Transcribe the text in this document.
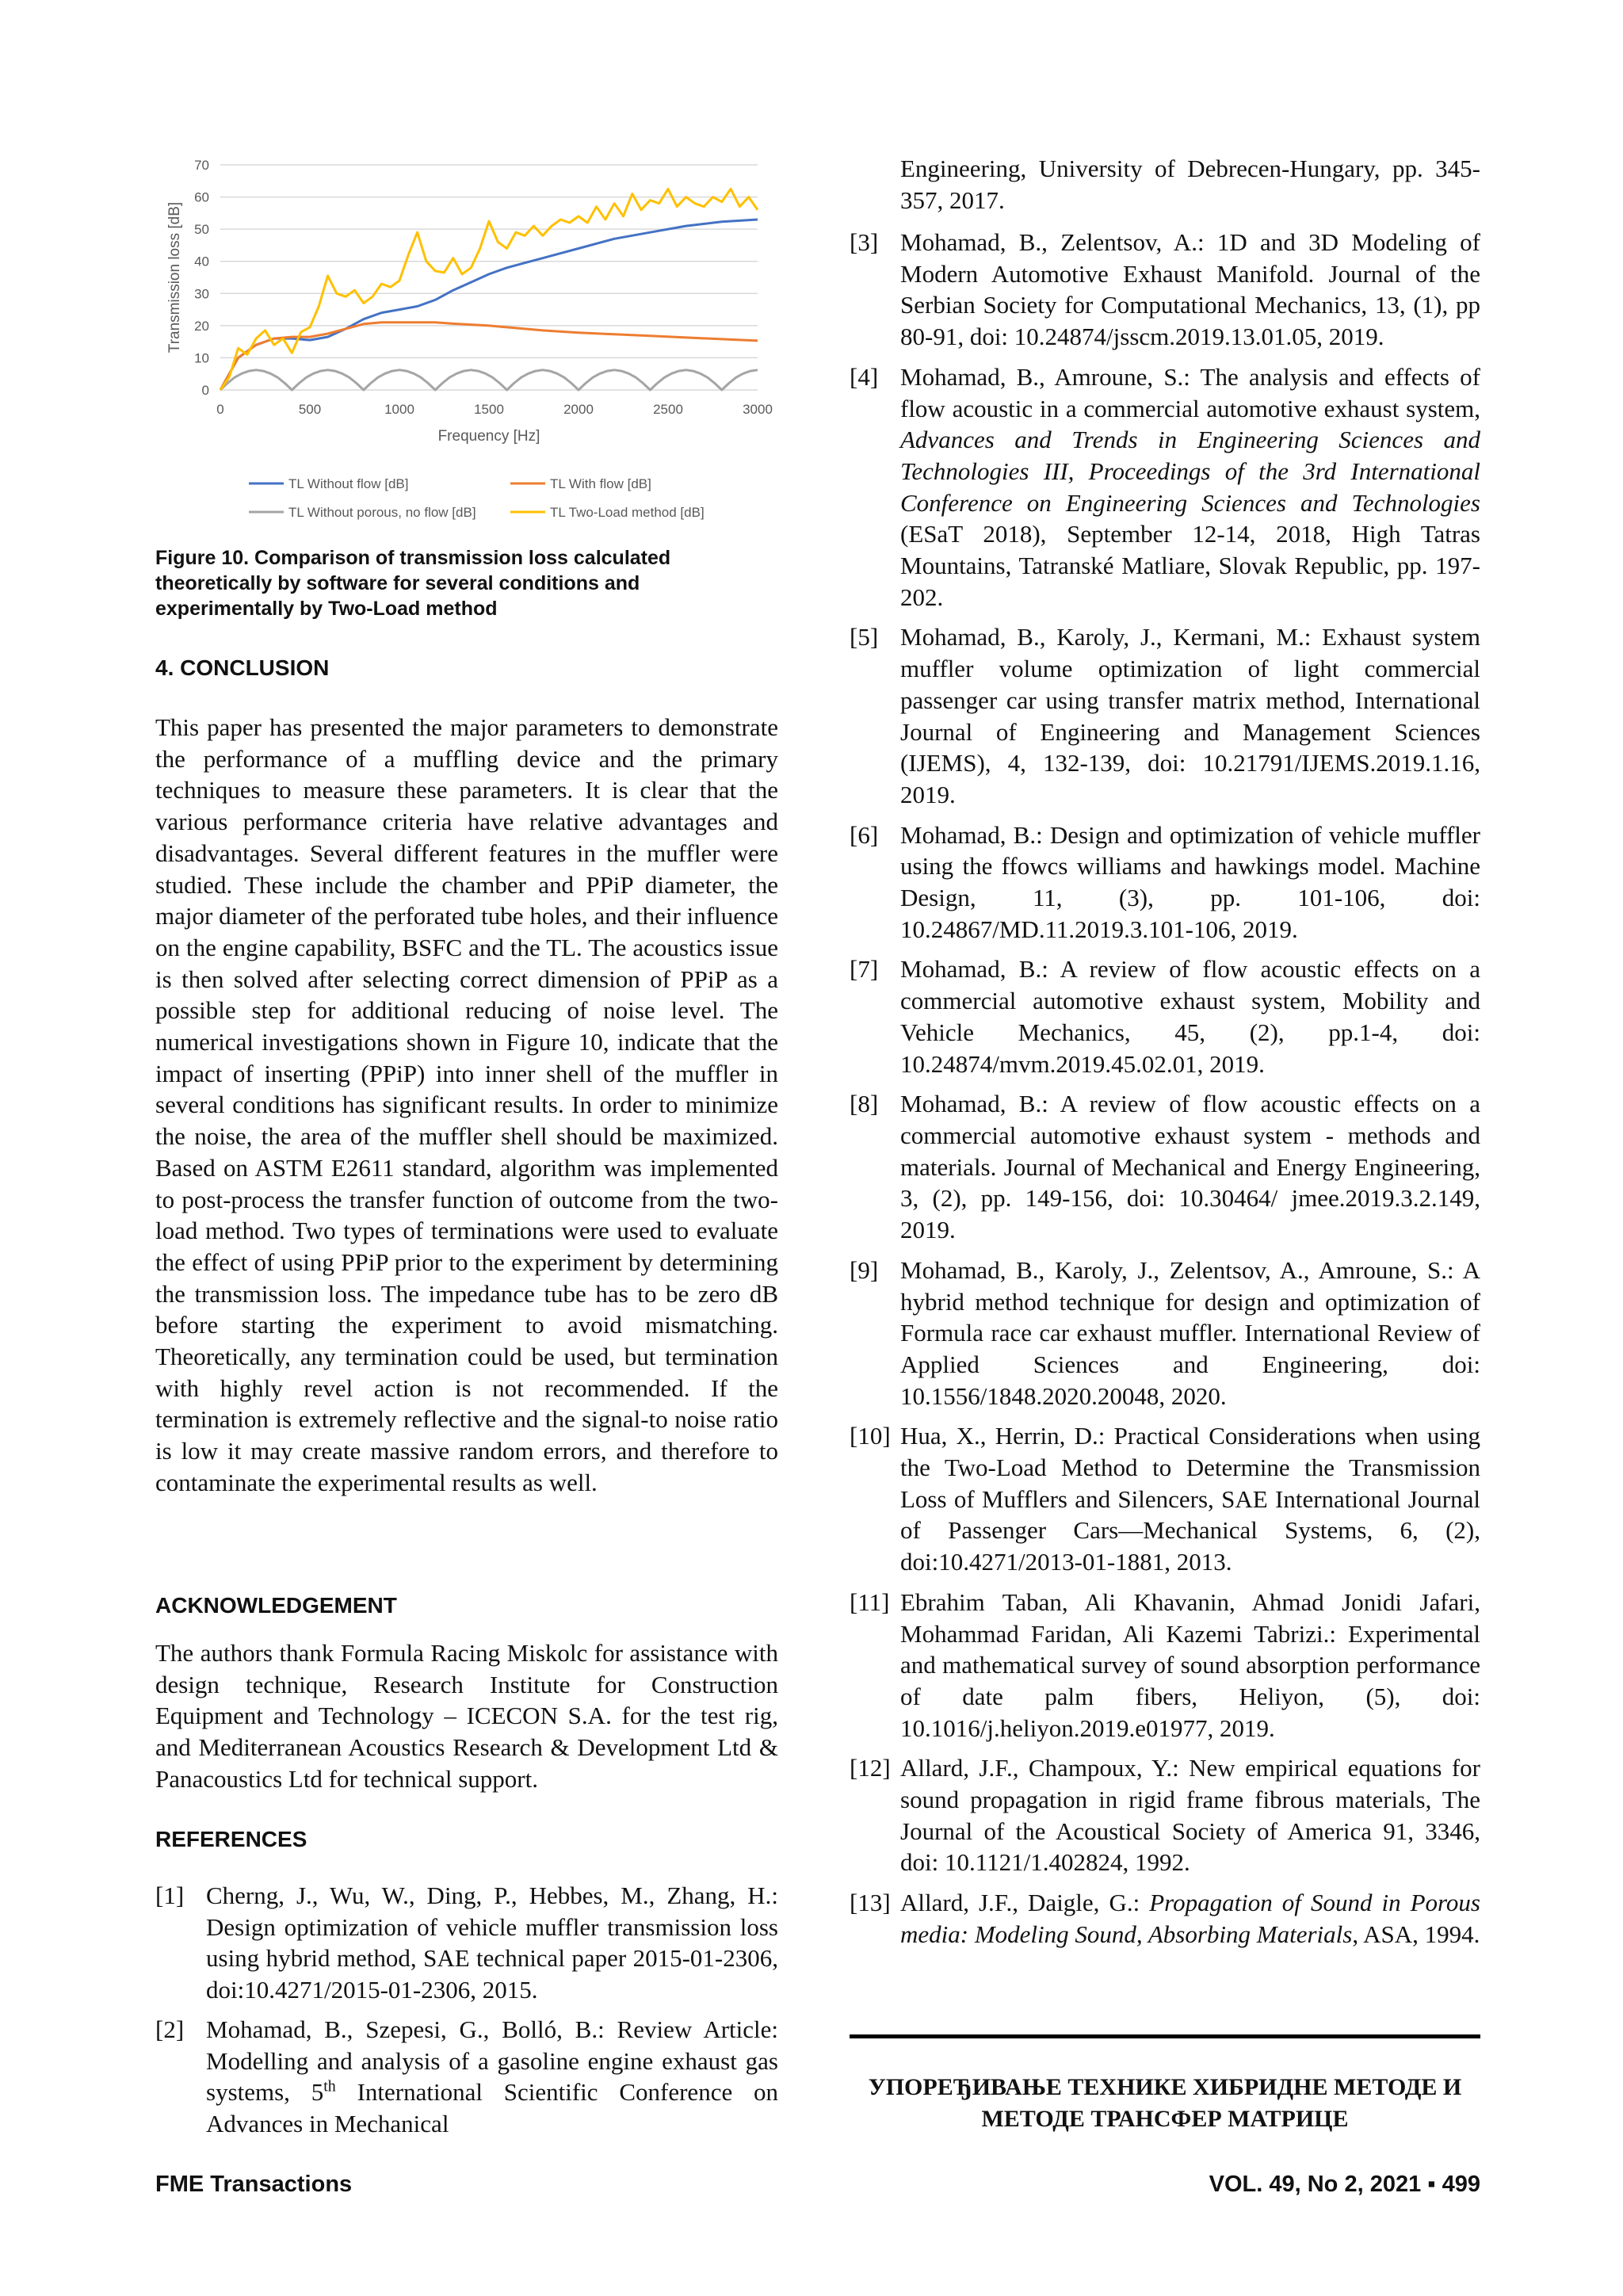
0
10
20
30
40
50
60
70
0	500	1000	1500	2000	2500	3000
Frequency [Hz]
Transmission loss [dB]
TL Without flow [dB]	TL With flow [dB]
TL Without porous, no flow [dB]	TL Two-Load method [dB]
Figure 10. Comparison of transmission loss calculated theoretically by software for several conditions and experimentally by Two-Load method
4. CONCLUSION
This paper has presented the major parameters to demonstrate the performance of a muffling device and the primary techniques to measure these parameters. It is clear that the various performance criteria have relative advantages and disadvantages. Several different features in the muffler were studied. These include the chamber and PPiP diameter, the major diameter of the perforated tube holes, and their influence on the engine capability, BSFC and the TL. The acoustics issue is then solved after selecting correct dimension of PPiP as a possible step for additional reducing of noise level. The numerical investigations shown in Figure 10, indicate that the impact of inserting (PPiP) into inner shell of the muffler in several conditions has significant results. In order to minimize the noise, the area of the muffler shell should be maximized. Based on ASTM E2611 standard, algorithm was implemented to post-process the transfer function of outcome from the two-load method. Two types of terminations were used to evaluate the effect of using PPiP prior to the experiment by determining the transmission loss. The impedance tube has to be zero dB before starting the experiment to avoid mismatching. Theoretically, any termination could be used, but termination with highly revel action is not recommended. If the termination is extremely reflective and the signal-to noise ratio is low it may create massive random errors, and therefore to contaminate the experimental results as well.
ACKNOWLEDGEMENT
The authors thank Formula Racing Miskolc for assistance with design technique, Research Institute for Construction Equipment and Technology – ICECON S.A. for the test rig, and Mediterranean Acoustics Research & Development Ltd & Panacoustics Ltd for technical support.
REFERENCES
[1] Cherng, J., Wu, W., Ding, P., Hebbes, M., Zhang, H.: Design optimization of vehicle muffler transmission loss using hybrid method, SAE technical paper 2015-01-2306, doi:10.4271/2015-01-2306, 2015.
[2] Mohamad, B., Szepesi, G., Bolló, B.: Review Article: Modelling and analysis of a gasoline engine exhaust gas systems, 5th International Scientific Conference on Advances in Mechanical
Engineering, University of Debrecen-Hungary, pp. 345-357, 2017.
[3] Mohamad, B., Zelentsov, A.: 1D and 3D Modeling of Modern Automotive Exhaust Manifold. Journal of the Serbian Society for Computational Mechanics, 13, (1), pp 80-91, doi: 10.24874/jsscm.2019.13.01.05, 2019.
[4] Mohamad, B., Amroune, S.: The analysis and effects of flow acoustic in a commercial automotive exhaust system, Advances and Trends in Engineering Sciences and Technologies III, Proceedings of the 3rd International Conference on Engineering Sciences and Technologies (ESaT 2018), September 12-14, 2018, High Tatras Mountains, Tatranské Matliare, Slovak Republic, pp. 197-202.
[5] Mohamad, B., Karoly, J., Kermani, M.: Exhaust system muffler volume optimization of light commercial passenger car using transfer matrix method, International Journal of Engineering and Management Sciences (IJEMS), 4, 132-139, doi: 10.21791/IJEMS.2019.1.16, 2019.
[6] Mohamad, B.: Design and optimization of vehicle muffler using the ffowcs williams and hawkings model. Machine Design, 11, (3), pp. 101-106, doi: 10.24867/MD.11.2019.3.101-106, 2019.
[7] Mohamad, B.: A review of flow acoustic effects on a commercial automotive exhaust system, Mobility and Vehicle Mechanics, 45, (2), pp.1-4, doi: 10.24874/mvm.2019.45.02.01, 2019.
[8] Mohamad, B.: A review of flow acoustic effects on a commercial automotive exhaust system - methods and materials. Journal of Mechanical and Energy Engineering, 3, (2), pp. 149-156, doi: 10.30464/ jmee.2019.3.2.149, 2019.
[9] Mohamad, B., Karoly, J., Zelentsov, A., Amroune, S.: A hybrid method technique for design and optimization of Formula race car exhaust muffler. International Review of Applied Sciences and Engineering, doi: 10.1556/1848.2020.20048, 2020.
[10] Hua, X., Herrin, D.: Practical Considerations when using the Two-Load Method to Determine the Transmission Loss of Mufflers and Silencers, SAE International Journal of Passenger Cars—Mechanical Systems, 6, (2), doi:10.4271/2013-01-1881, 2013.
[11] Ebrahim Taban, Ali Khavanin, Ahmad Jonidi Jafari, Mohammad Faridan, Ali Kazemi Tabrizi.: Experimental and mathematical survey of sound absorption performance of date palm fibers, Heliyon, (5), doi: 10.1016/j.heliyon.2019.e01977, 2019.
[12] Allard, J.F., Champoux, Y.: New empirical equations for sound propagation in rigid frame fibrous materials, The Journal of the Acoustical Society of America 91, 3346, doi: 10.1121/1.402824, 1992.
[13] Allard, J.F., Daigle, G.: Propagation of Sound in Porous media: Modeling Sound, Absorbing Materials, ASA, 1994.
УПОРЕЂИВАЊЕ ТЕХНИКЕ ХИБРИДНЕ МЕТОДЕ И МЕТОДЕ ТРАНСФЕР МАТРИЦЕ
FME Transactions	VOL. 49, No 2, 2021 ▪ 499
